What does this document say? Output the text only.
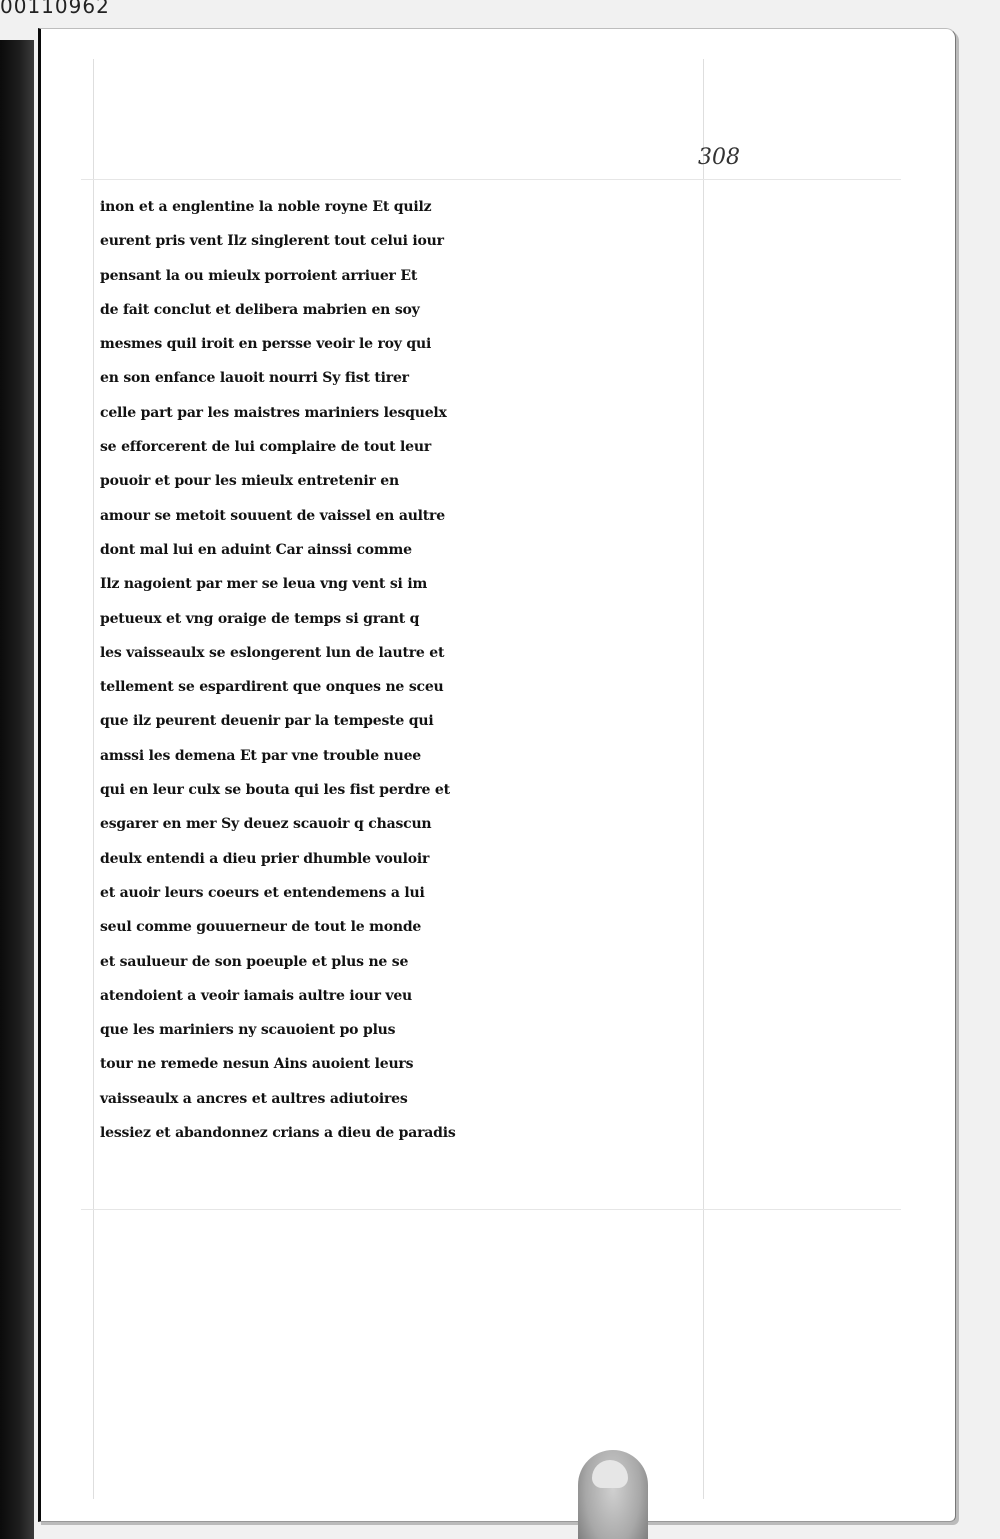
00110962
308
inon et a englentine la noble royne Et quilz
eurent pris vent Ilz singlerent tout celui iour
pensant la ou mieulx porroient arriuer Et
de fait conclut et delibera mabrien en soy
mesmes quil iroit en persse veoir le roy qui
en son enfance lauoit nourri Sy fist tirer
celle part par les maistres mariniers lesquelx
se efforcerent de lui complaire de tout leur
pouoir et pour les mieulx entretenir en
amour se metoit souuent de vaissel en aultre
dont mal lui en aduint Car ainssi comme
Ilz nagoient par mer se leua vng vent si im
petueux et vng oraige de temps si grant q
les vaisseaulx se eslongerent lun de lautre et
tellement se espardirent que onques ne sceu
que ilz peurent deuenir par la tempeste qui
amssi les demena Et par vne trouble nuee
qui en leur culx se bouta qui les fist perdre et
esgarer en mer Sy deuez scauoir q chascun
deulx entendi a dieu prier dhumble vouloir
et auoir leurs coeurs et entendemens a lui
seul comme gouuerneur de tout le monde
et saulueur de son poeuple et plus ne se
atendoient a veoir iamais aultre iour veu
que les mariniers ny scauoient po plus
tour ne remede nesun Ains auoient leurs
vaisseaulx a ancres et aultres adiutoires
lessiez et abandonnez crians a dieu de paradis
